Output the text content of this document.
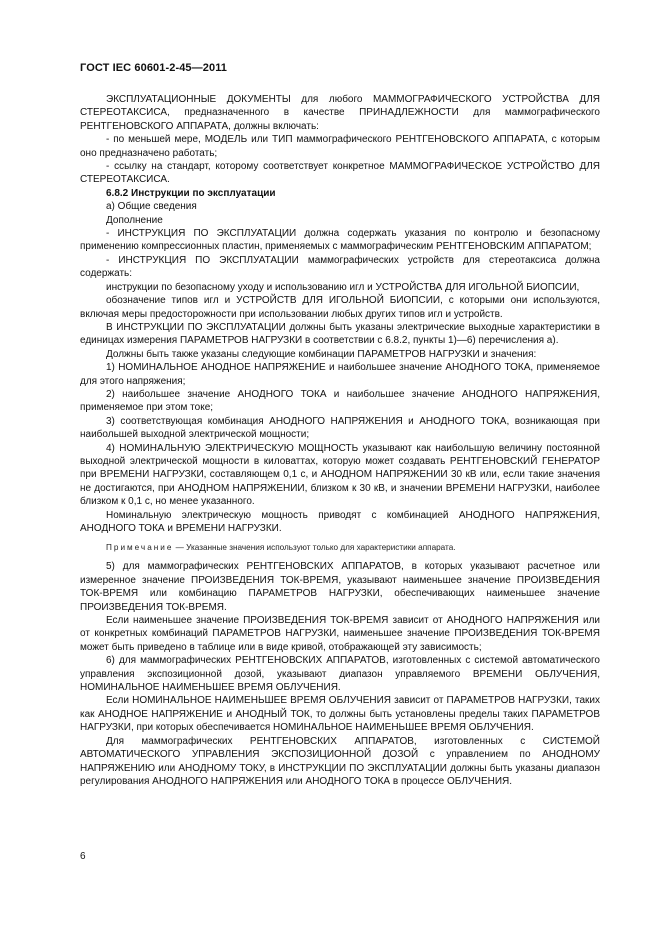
ГОСТ IEC 60601-2-45—2011

ЭКСПЛУАТАЦИОННЫЕ ДОКУМЕНТЫ для любого МАММОГРАФИЧЕСКОГО УСТРОЙСТВА ДЛЯ СТЕРЕОТАКСИСА, предназначенного в качестве ПРИНАДЛЕЖНОСТИ для маммографического РЕНТГЕНОВСКОГО АППАРАТА, должны включать:

- по меньшей мере, МОДЕЛЬ или ТИП маммографического РЕНТГЕНОВСКОГО АППАРАТА, с которым оно предназначено работать;

- ссылку на стандарт, которому соответствует конкретное МАММОГРАФИЧЕСКОЕ УСТРОЙСТВО ДЛЯ СТЕРЕОТАКСИСА.

6.8.2 Инструкции по эксплуатации

а) Общие сведения

Дополнение

- ИНСТРУКЦИЯ ПО ЭКСПЛУАТАЦИИ должна содержать указания по контролю и безопасному применению компрессионных пластин, применяемых с маммографическим РЕНТГЕНОВСКИМ АППАРАТОМ;

- ИНСТРУКЦИЯ ПО ЭКСПЛУАТАЦИИ маммографических устройств для стереотаксиса должна содержать:

инструкции по безопасному уходу и использованию игл и УСТРОЙСТВА ДЛЯ ИГОЛЬНОЙ БИОПСИИ,

обозначение типов игл и УСТРОЙСТВ ДЛЯ ИГОЛЬНОЙ БИОПСИИ, с которыми они используются, включая меры предосторожности при использовании любых других типов игл и устройств.

В ИНСТРУКЦИИ ПО ЭКСПЛУАТАЦИИ должны быть указаны электрические выходные характеристики в единицах измерения ПАРАМЕТРОВ НАГРУЗКИ в соответствии с 6.8.2, пункты 1)—6) перечисления а).

Должны быть также указаны следующие комбинации ПАРАМЕТРОВ НАГРУЗКИ и значения:

1) НОМИНАЛЬНОЕ АНОДНОЕ НАПРЯЖЕНИЕ и наибольшее значение АНОДНОГО ТОКА, применяемое для этого напряжения;

2) наибольшее значение АНОДНОГО ТОКА и наибольшее значение АНОДНОГО НАПРЯЖЕНИЯ, применяемое при этом токе;

3) соответствующая комбинация АНОДНОГО НАПРЯЖЕНИЯ и АНОДНОГО ТОКА, возникающая при наибольшей выходной электрической мощности;

4) НОМИНАЛЬНУЮ ЭЛЕКТРИЧЕСКУЮ МОЩНОСТЬ указывают как наибольшую величину постоянной выходной электрической мощности в киловаттах, которую может создавать РЕНТГЕНОВСКИЙ ГЕНЕРАТОР при ВРЕМЕНИ НАГРУЗКИ, составляющем 0,1 с, и АНОДНОМ НАПРЯЖЕНИИ 30 кВ или, если такие значения не достигаются, при АНОДНОМ НАПРЯЖЕНИИ, близком к 30 кВ, и значении ВРЕМЕНИ НАГРУЗКИ, наиболее близком к 0,1 с, но менее указанного.

Номинальную электрическую мощность приводят с комбинацией АНОДНОГО НАПРЯЖЕНИЯ, АНОДНОГО ТОКА и ВРЕМЕНИ НАГРУЗКИ.

Примечание — Указанные значения используют только для характеристики аппарата.

5) для маммографических РЕНТГЕНОВСКИХ АППАРАТОВ, в которых указывают расчетное или измеренное значение ПРОИЗВЕДЕНИЯ ТОК-ВРЕМЯ, указывают наименьшее значение ПРОИЗВЕДЕНИЯ ТОК-ВРЕМЯ или комбинацию ПАРАМЕТРОВ НАГРУЗКИ, обеспечивающих наименьшее значение ПРОИЗВЕДЕНИЯ ТОК-ВРЕМЯ.

Если наименьшее значение ПРОИЗВЕДЕНИЯ ТОК-ВРЕМЯ зависит от АНОДНОГО НАПРЯЖЕНИЯ или от конкретных комбинаций ПАРАМЕТРОВ НАГРУЗКИ, наименьшее значение ПРОИЗВЕДЕНИЯ ТОК-ВРЕМЯ может быть приведено в таблице или в виде кривой, отображающей эту зависимость;

6) для маммографических РЕНТГЕНОВСКИХ АППАРАТОВ, изготовленных с системой автоматического управления экспозиционной дозой, указывают диапазон управляемого ВРЕМЕНИ ОБЛУЧЕНИЯ, НОМИНАЛЬНОЕ НАИМЕНЬШЕЕ ВРЕМЯ ОБЛУЧЕНИЯ.

Если НОМИНАЛЬНОЕ НАИМЕНЬШЕЕ ВРЕМЯ ОБЛУЧЕНИЯ зависит от ПАРАМЕТРОВ НАГРУЗКИ, таких как АНОДНОЕ НАПРЯЖЕНИЕ и АНОДНЫЙ ТОК, то должны быть установлены пределы таких ПАРАМЕТРОВ НАГРУЗКИ, при которых обеспечивается НОМИНАЛЬНОЕ НАИМЕНЬШЕЕ ВРЕМЯ ОБЛУЧЕНИЯ.

Для маммографических РЕНТГЕНОВСКИХ АППАРАТОВ, изготовленных с СИСТЕМОЙ АВТОМАТИЧЕСКОГО УПРАВЛЕНИЯ ЭКСПОЗИЦИОННОЙ ДОЗОЙ с управлением по АНОДНОМУ НАПРЯЖЕНИЮ или АНОДНОМУ ТОКУ, в ИНСТРУКЦИИ ПО ЭКСПЛУАТАЦИИ должны быть указаны диапазон регулирования АНОДНОГО НАПРЯЖЕНИЯ или АНОДНОГО ТОКА в процессе ОБЛУЧЕНИЯ.

6
